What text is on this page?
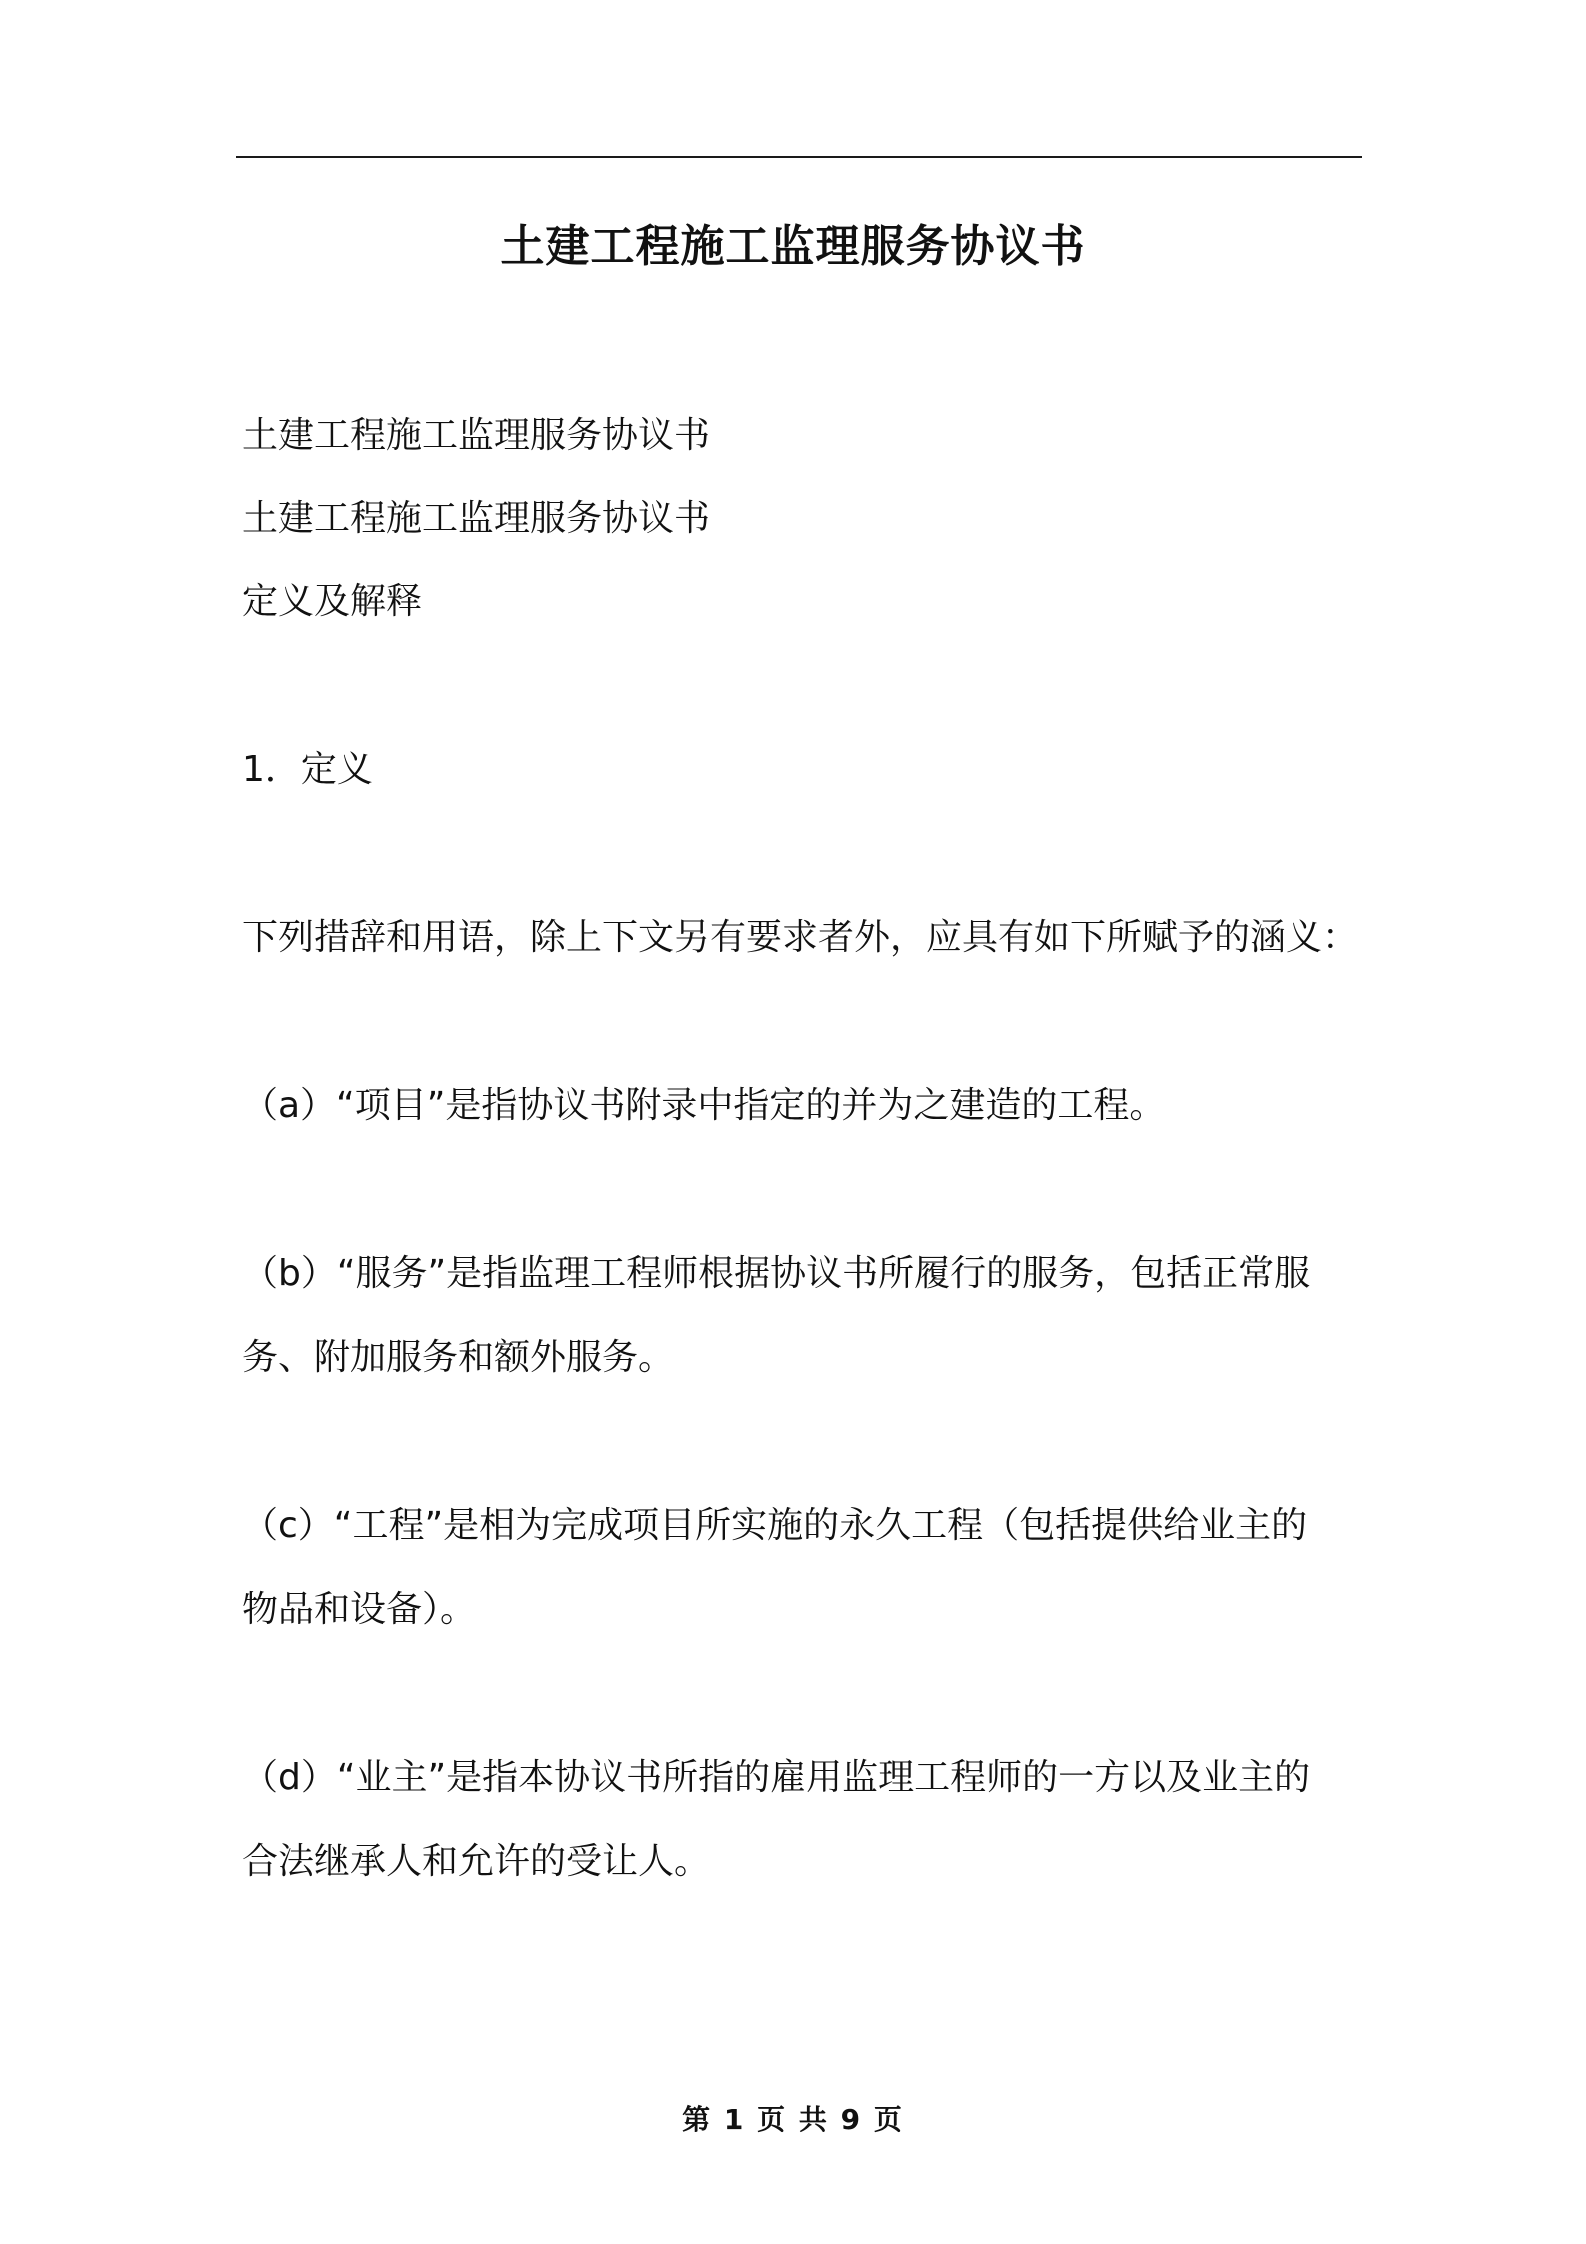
土建工程施工监理服务协议书
土建工程施工监理服务协议书
土建工程施工监理服务协议书
定义及解释
1．定义
下列措辞和用语，除上下文另有要求者外，应具有如下所赋予的涵义：
（a）“项目”是指协议书附录中指定的并为之建造的工程。
（b）“服务”是指监理工程师根据协议书所履行的服务，包括正常服
务、附加服务和额外服务。
（c）“工程”是相为完成项目所实施的永久工程（包括提供给业主的
物品和设备）。
（d）“业主”是指本协议书所指的雇用监理工程师的一方以及业主的
合法继承人和允许的受让人。
第 1 页 共 9 页
